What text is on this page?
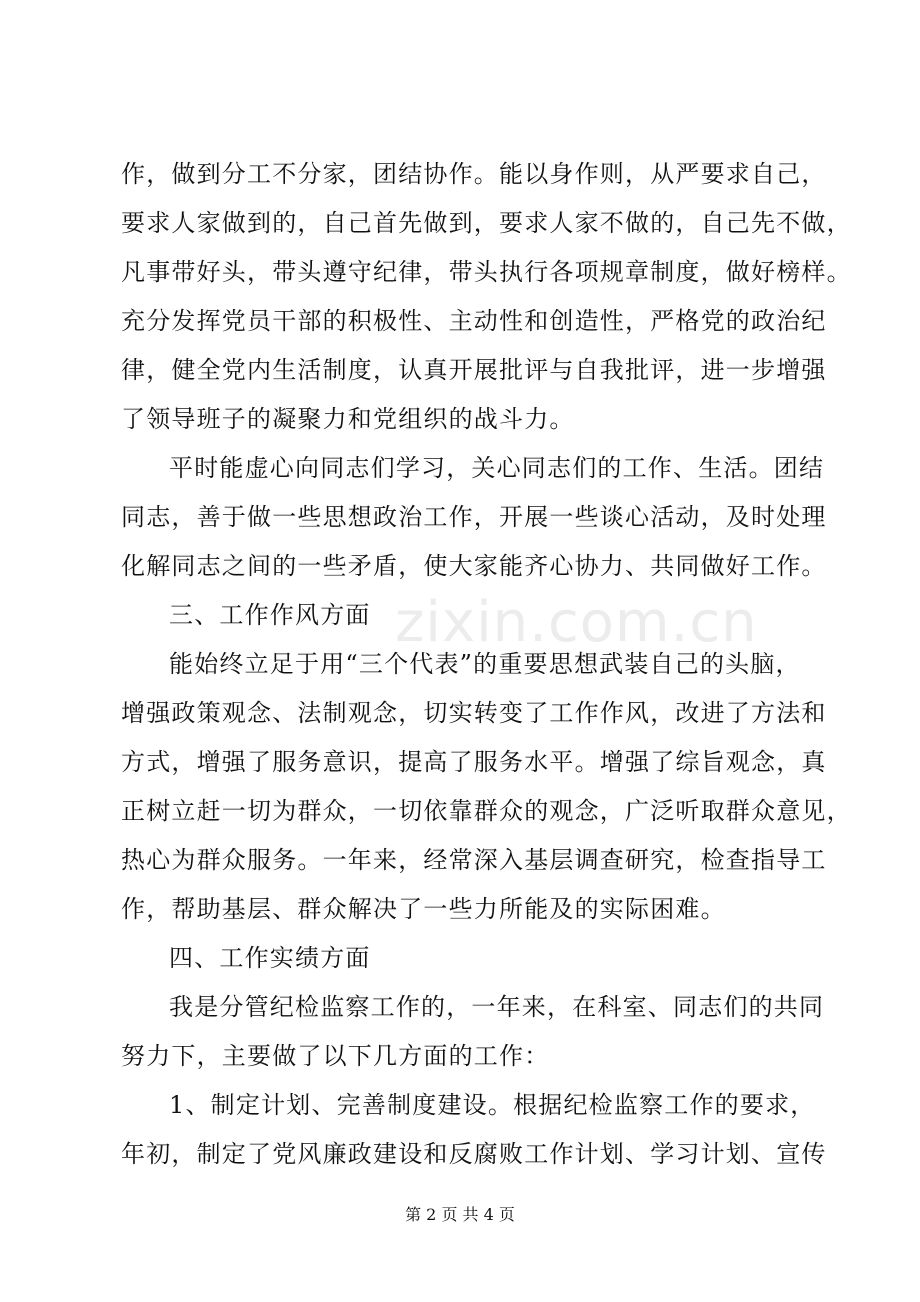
zixin.com.cn
作，做到分工不分家，团结协作。能以身作则，从严要求自己，
要求人家做到的，自己首先做到，要求人家不做的，自己先不做，
凡事带好头，带头遵守纪律，带头执行各项规章制度，做好榜样。
充分发挥党员干部的积极性、主动性和创造性，严格党的政治纪
律，健全党内生活制度，认真开展批评与自我批评，进一步增强
了领导班子的凝聚力和党组织的战斗力。
平时能虚心向同志们学习，关心同志们的工作、生活。团结
同志，善于做一些思想政治工作，开展一些谈心活动，及时处理
化解同志之间的一些矛盾，使大家能齐心协力、共同做好工作。
三、工作作风方面
能始终立足于用“三个代表”的重要思想武装自己的头脑，
增强政策观念、法制观念，切实转变了工作作风，改进了方法和
方式，增强了服务意识，提高了服务水平。增强了综旨观念，真
正树立赶一切为群众，一切依靠群众的观念，广泛听取群众意见，
热心为群众服务。一年来，经常深入基层调查研究，检查指导工
作，帮助基层、群众解决了一些力所能及的实际困难。
四、工作实绩方面
我是分管纪检监察工作的，一年来，在科室、同志们的共同
努力下，主要做了以下几方面的工作：
1、制定计划、完善制度建设。根据纪检监察工作的要求，
年初，制定了党风廉政建设和反腐败工作计划、学习计划、宣传
第 2 页 共 4 页
